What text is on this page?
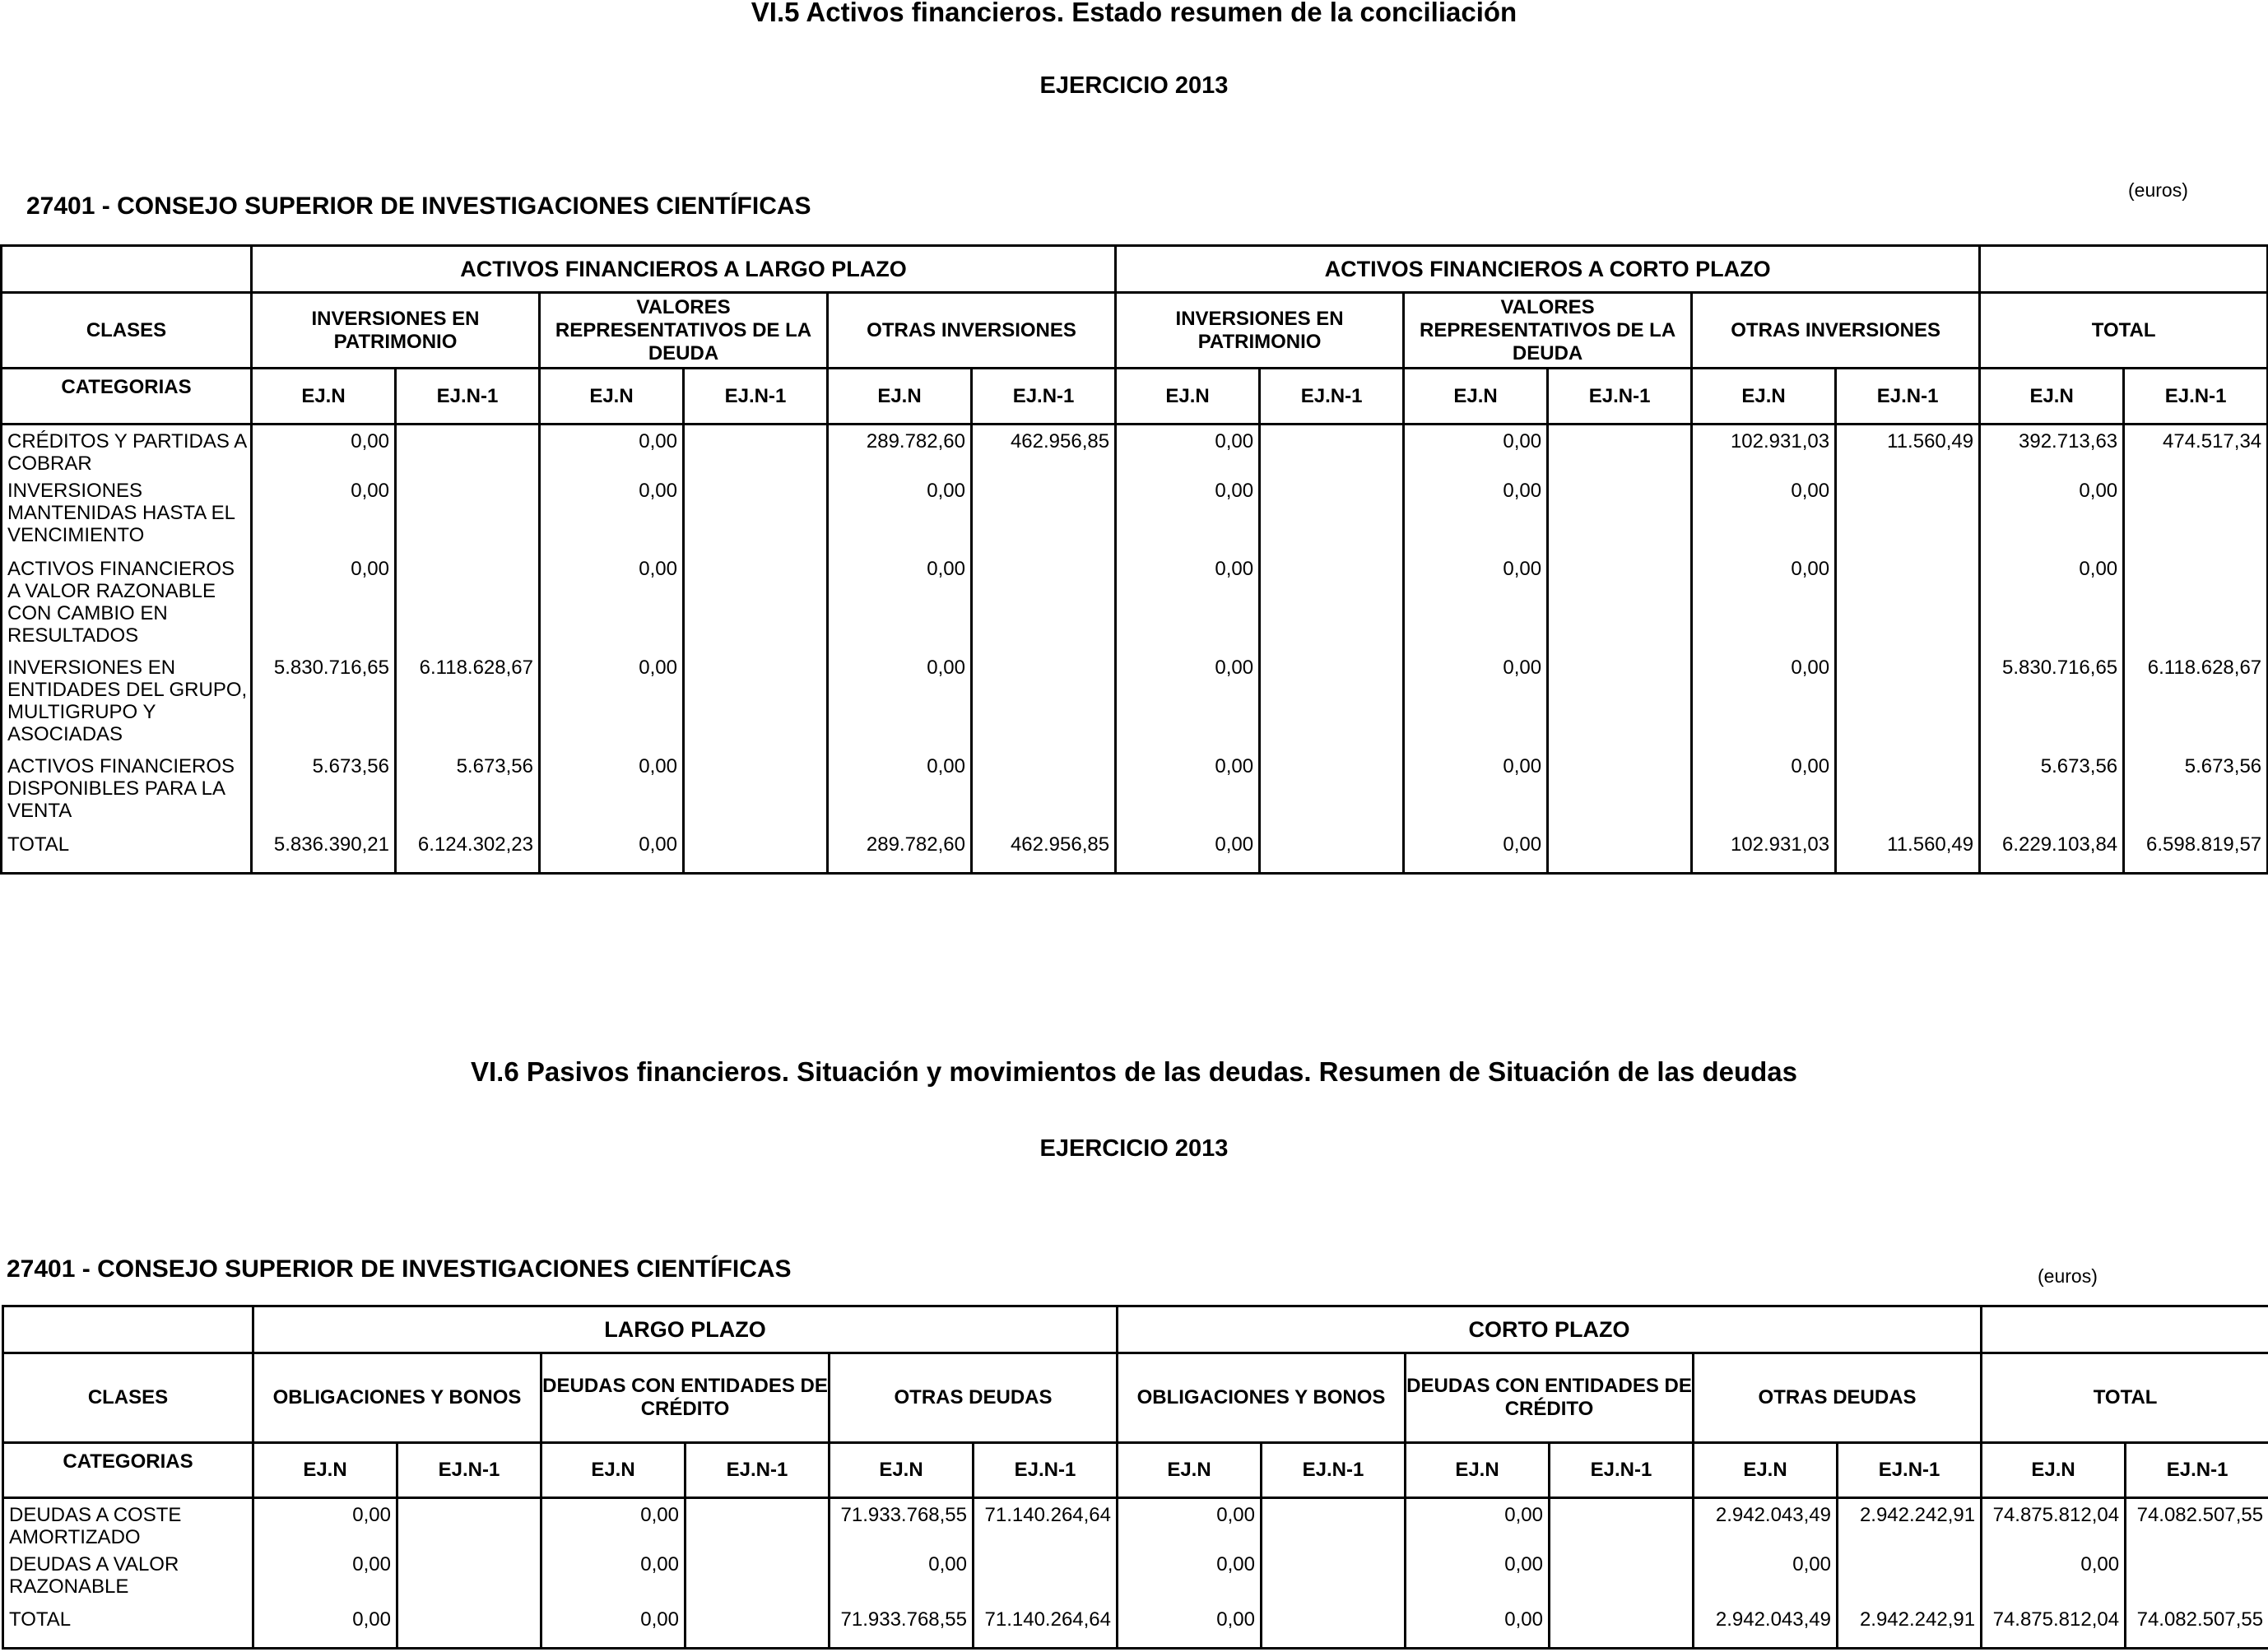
VI.5 Activos financieros. Estado resumen de la conciliación
EJERCICIO 2013
27401 - CONSEJO SUPERIOR DE INVESTIGACIONES CIENTÍFICAS
(euros)
	ACTIVOS FINANCIEROS A LARGO PLAZO						ACTIVOS FINANCIEROS A CORTO PLAZO							
CLASES	INVERSIONES EN PATRIMONIO		VALORES REPRESENTATIVOS DE LA DEUDA		OTRAS INVERSIONES		INVERSIONES EN PATRIMONIO		VALORES REPRESENTATIVOS DE LA DEUDA		OTRAS INVERSIONES		TOTAL	
CATEGORIAS	EJ.N	EJ.N-1	EJ.N	EJ.N-1	EJ.N	EJ.N-1	EJ.N	EJ.N-1	EJ.N	EJ.N-1	EJ.N	EJ.N-1	EJ.N	EJ.N-1
CRÉDITOS Y PARTIDAS A COBRAR	0,00		0,00		289.782,60	462.956,85	0,00		0,00		102.931,03	11.560,49	392.713,63	474.517,34
INVERSIONES MANTENIDAS HASTA EL VENCIMIENTO	0,00		0,00		0,00		0,00		0,00		0,00		0,00	
ACTIVOS FINANCIEROS A VALOR RAZONABLE CON CAMBIO EN RESULTADOS	0,00		0,00		0,00		0,00		0,00		0,00		0,00	
INVERSIONES EN ENTIDADES DEL GRUPO, MULTIGRUPO Y ASOCIADAS	5.830.716,65	6.118.628,67	0,00		0,00		0,00		0,00		0,00		5.830.716,65	6.118.628,67
ACTIVOS FINANCIEROS DISPONIBLES PARA LA VENTA	5.673,56	5.673,56	0,00		0,00		0,00		0,00		0,00		5.673,56	5.673,56
TOTAL	5.836.390,21	6.124.302,23	0,00		289.782,60	462.956,85	0,00		0,00		102.931,03	11.560,49	6.229.103,84	6.598.819,57
VI.6 Pasivos financieros. Situación y movimientos de las deudas. Resumen de Situación de las deudas
EJERCICIO 2013
27401 - CONSEJO SUPERIOR DE INVESTIGACIONES CIENTÍFICAS	(euros)
	LARGO PLAZO						CORTO PLAZO							
CLASES	OBLIGACIONES Y BONOS		DEUDAS CON ENTIDADES DE CRÉDITO		OTRAS DEUDAS		OBLIGACIONES Y BONOS		DEUDAS CON ENTIDADES DE CRÉDITO		OTRAS DEUDAS		TOTAL	
CATEGORIAS	EJ.N	EJ.N-1	EJ.N	EJ.N-1	EJ.N	EJ.N-1	EJ.N	EJ.N-1	EJ.N	EJ.N-1	EJ.N	EJ.N-1	EJ.N	EJ.N-1
DEUDAS A COSTE AMORTIZADO	0,00		0,00		71.933.768,55	71.140.264,64	0,00		0,00		2.942.043,49	2.942.242,91	74.875.812,04	74.082.507,55
DEUDAS A VALOR RAZONABLE	0,00		0,00		0,00		0,00		0,00		0,00		0,00	
TOTAL	0,00		0,00		71.933.768,55	71.140.264,64	0,00		0,00		2.942.043,49	2.942.242,91	74.875.812,04	74.082.507,55
